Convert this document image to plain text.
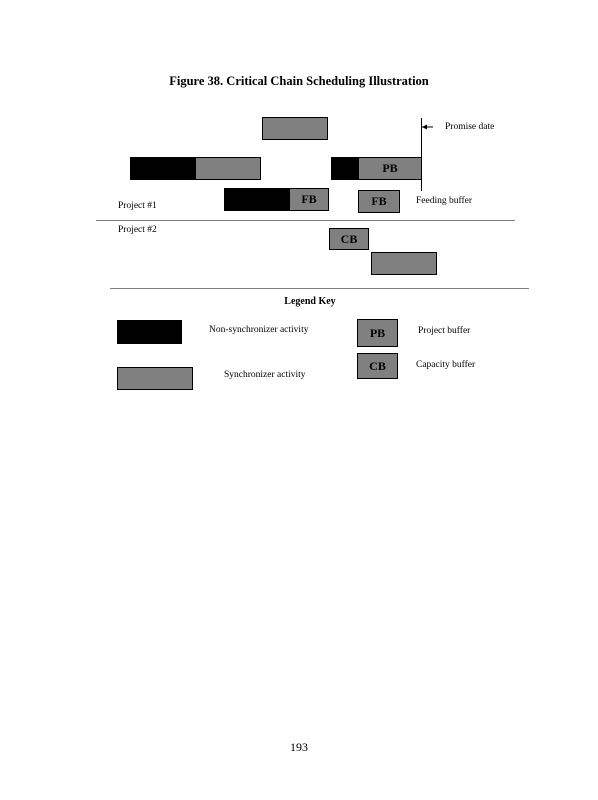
Figure 38. Critical Chain Scheduling Illustration
Promise date
PB
FB	FB	Feeding buffer
Project #1
Project #2
CB
Legend Key
Non-synchronizer activity
Synchronizer activity
PB	Project buffer
CB	Capacity buffer
193
